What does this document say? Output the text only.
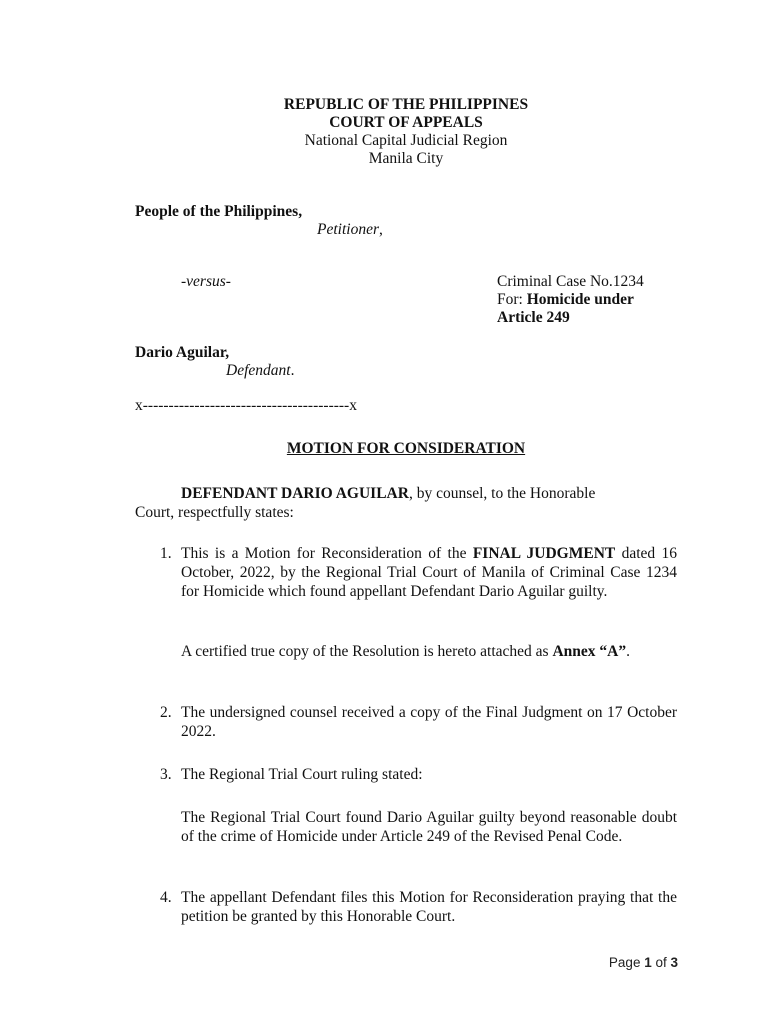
REPUBLIC OF THE PHILIPPINES
COURT OF APPEALS
National Capital Judicial Region
Manila City
People of the Philippines,
Petitioner,
-versus-	Criminal Case No.1234
For: Homicide under
Article 249
Dario Aguilar,
Defendant.
x----------------------------------------x
MOTION FOR CONSIDERATION
DEFENDANT DARIO AGUILAR, by counsel, to the Honorable
Court, respectfully states:
1. This is a Motion for Reconsideration of the FINAL JUDGMENT dated 16 October, 2022, by the Regional Trial Court of Manila of Criminal Case 1234 for Homicide which found appellant Defendant Dario Aguilar guilty.
A certified true copy of the Resolution is hereto attached as Annex “A”.
2. The undersigned counsel received a copy of the Final Judgment on 17 October 2022.
3. The Regional Trial Court ruling stated:
The Regional Trial Court found Dario Aguilar guilty beyond reasonable doubt of the crime of Homicide under Article 249 of the Revised Penal Code.
4. The appellant Defendant files this Motion for Reconsideration praying that the petition be granted by this Honorable Court.
Page 1 of 3
